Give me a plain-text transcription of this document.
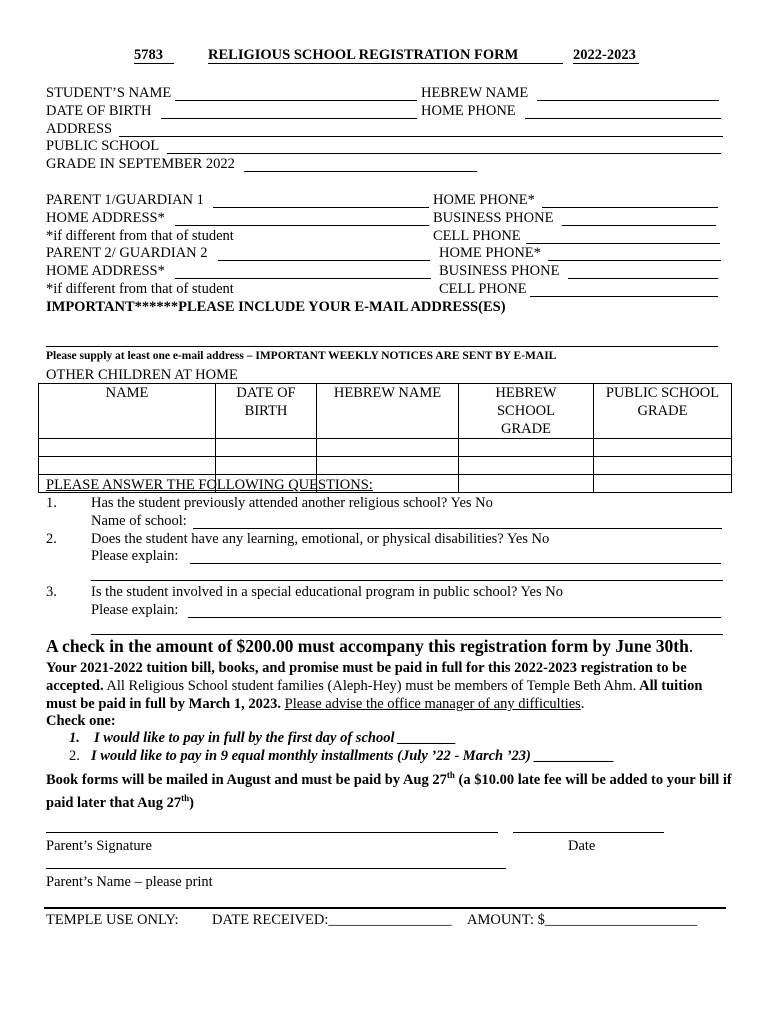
5783	RELIGIOUS SCHOOL REGISTRATION FORM	2022-2023
STUDENT’S NAME	HEBREW NAME
DATE OF BIRTH	HOME PHONE
ADDRESS
PUBLIC SCHOOL
GRADE IN SEPTEMBER 2022
PARENT 1/GUARDIAN 1	HOME PHONE*
HOME ADDRESS*	BUSINESS PHONE
*if different from that of student	CELL PHONE
PARENT 2/ GUARDIAN 2	HOME PHONE*
HOME ADDRESS*	BUSINESS PHONE
*if different from that of student	CELL PHONE
IMPORTANT******PLEASE INCLUDE YOUR E-MAIL ADDRESS(ES)
Please supply at least one e-mail address – IMPORTANT WEEKLY NOTICES ARE SENT BY E-MAIL
OTHER CHILDREN AT HOME
NAME	DATE OF BIRTH	HEBREW NAME	HEBREW SCHOOL GRADE	PUBLIC SCHOOL GRADE

PLEASE ANSWER THE FOLLOWING QUESTIONS:
1. Has the student previously attended another religious school? Yes No
Name of school:
2. Does the student have any learning, emotional, or physical disabilities? Yes No
Please explain:
3. Is the student involved in a special educational program in public school? Yes No
Please explain:
A check in the amount of $200.00 must accompany this registration form by June 30th.
Your 2021-2022 tuition bill, books, and promise must be paid in full for this 2022-2023 registration to be accepted. All Religious School student families (Aleph-Hey) must be members of Temple Beth Ahm. All tuition must be paid in full by March 1, 2023. Please advise the office manager of any difficulties.
Check one:
1. I would like to pay in full by the first day of school ________
2. I would like to pay in 9 equal monthly installments (July ’22 - March ’23) ___________
Book forms will be mailed in August and must be paid by Aug 27th (a $10.00 late fee will be added to your bill if paid later that Aug 27th)
Parent’s Signature	Date
Parent’s Name – please print
TEMPLE USE ONLY: DATE RECEIVED:_________________ AMOUNT: $_____________________
